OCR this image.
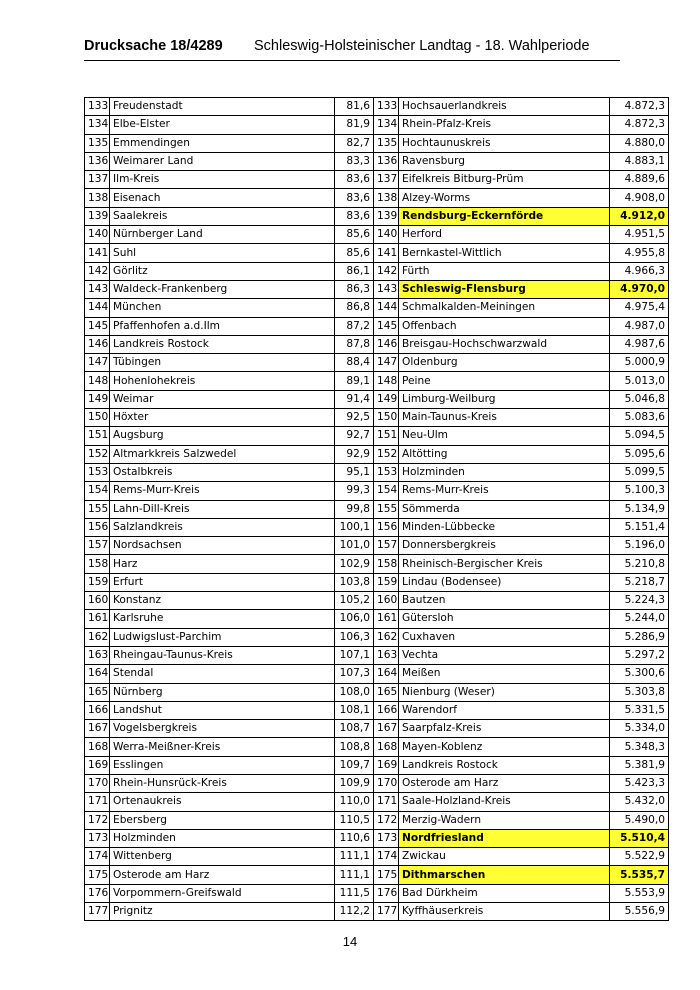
Drucksache 18/4289 Schleswig-Holsteinischer Landtag - 18. Wahlperiode
133	Freudenstadt	81,6	133	Hochsauerlandkreis	4.872,3
134	Elbe-Elster	81,9	134	Rhein-Pfalz-Kreis	4.872,3
135	Emmendingen	82,7	135	Hochtaunuskreis	4.880,0
136	Weimarer Land	83,3	136	Ravensburg	4.883,1
137	Ilm-Kreis	83,6	137	Eifelkreis Bitburg-Prüm	4.889,6
138	Eisenach	83,6	138	Alzey-Worms	4.908,0
139	Saalekreis	83,6	139	Rendsburg-Eckernförde	4.912,0
140	Nürnberger Land	85,6	140	Herford	4.951,5
141	Suhl	85,6	141	Bernkastel-Wittlich	4.955,8
142	Görlitz	86,1	142	Fürth	4.966,3
143	Waldeck-Frankenberg	86,3	143	Schleswig-Flensburg	4.970,0
144	München	86,8	144	Schmalkalden-Meiningen	4.975,4
145	Pfaffenhofen a.d.Ilm	87,2	145	Offenbach	4.987,0
146	Landkreis Rostock	87,8	146	Breisgau-Hochschwarzwald	4.987,6
147	Tübingen	88,4	147	Oldenburg	5.000,9
148	Hohenlohekreis	89,1	148	Peine	5.013,0
149	Weimar	91,4	149	Limburg-Weilburg	5.046,8
150	Höxter	92,5	150	Main-Taunus-Kreis	5.083,6
151	Augsburg	92,7	151	Neu-Ulm	5.094,5
152	Altmarkkreis Salzwedel	92,9	152	Altötting	5.095,6
153	Ostalbkreis	95,1	153	Holzminden	5.099,5
154	Rems-Murr-Kreis	99,3	154	Rems-Murr-Kreis	5.100,3
155	Lahn-Dill-Kreis	99,8	155	Sömmerda	5.134,9
156	Salzlandkreis	100,1	156	Minden-Lübbecke	5.151,4
157	Nordsachsen	101,0	157	Donnersbergkreis	5.196,0
158	Harz	102,9	158	Rheinisch-Bergischer Kreis	5.210,8
159	Erfurt	103,8	159	Lindau (Bodensee)	5.218,7
160	Konstanz	105,2	160	Bautzen	5.224,3
161	Karlsruhe	106,0	161	Gütersloh	5.244,0
162	Ludwigslust-Parchim	106,3	162	Cuxhaven	5.286,9
163	Rheingau-Taunus-Kreis	107,1	163	Vechta	5.297,2
164	Stendal	107,3	164	Meißen	5.300,6
165	Nürnberg	108,0	165	Nienburg (Weser)	5.303,8
166	Landshut	108,1	166	Warendorf	5.331,5
167	Vogelsbergkreis	108,7	167	Saarpfalz-Kreis	5.334,0
168	Werra-Meißner-Kreis	108,8	168	Mayen-Koblenz	5.348,3
169	Esslingen	109,7	169	Landkreis Rostock	5.381,9
170	Rhein-Hunsrück-Kreis	109,9	170	Osterode am Harz	5.423,3
171	Ortenaukreis	110,0	171	Saale-Holzland-Kreis	5.432,0
172	Ebersberg	110,5	172	Merzig-Wadern	5.490,0
173	Holzminden	110,6	173	Nordfriesland	5.510,4
174	Wittenberg	111,1	174	Zwickau	5.522,9
175	Osterode am Harz	111,1	175	Dithmarschen	5.535,7
176	Vorpommern-Greifswald	111,5	176	Bad Dürkheim	5.553,9
177	Prignitz	112,2	177	Kyffhäuserkreis	5.556,9
14
